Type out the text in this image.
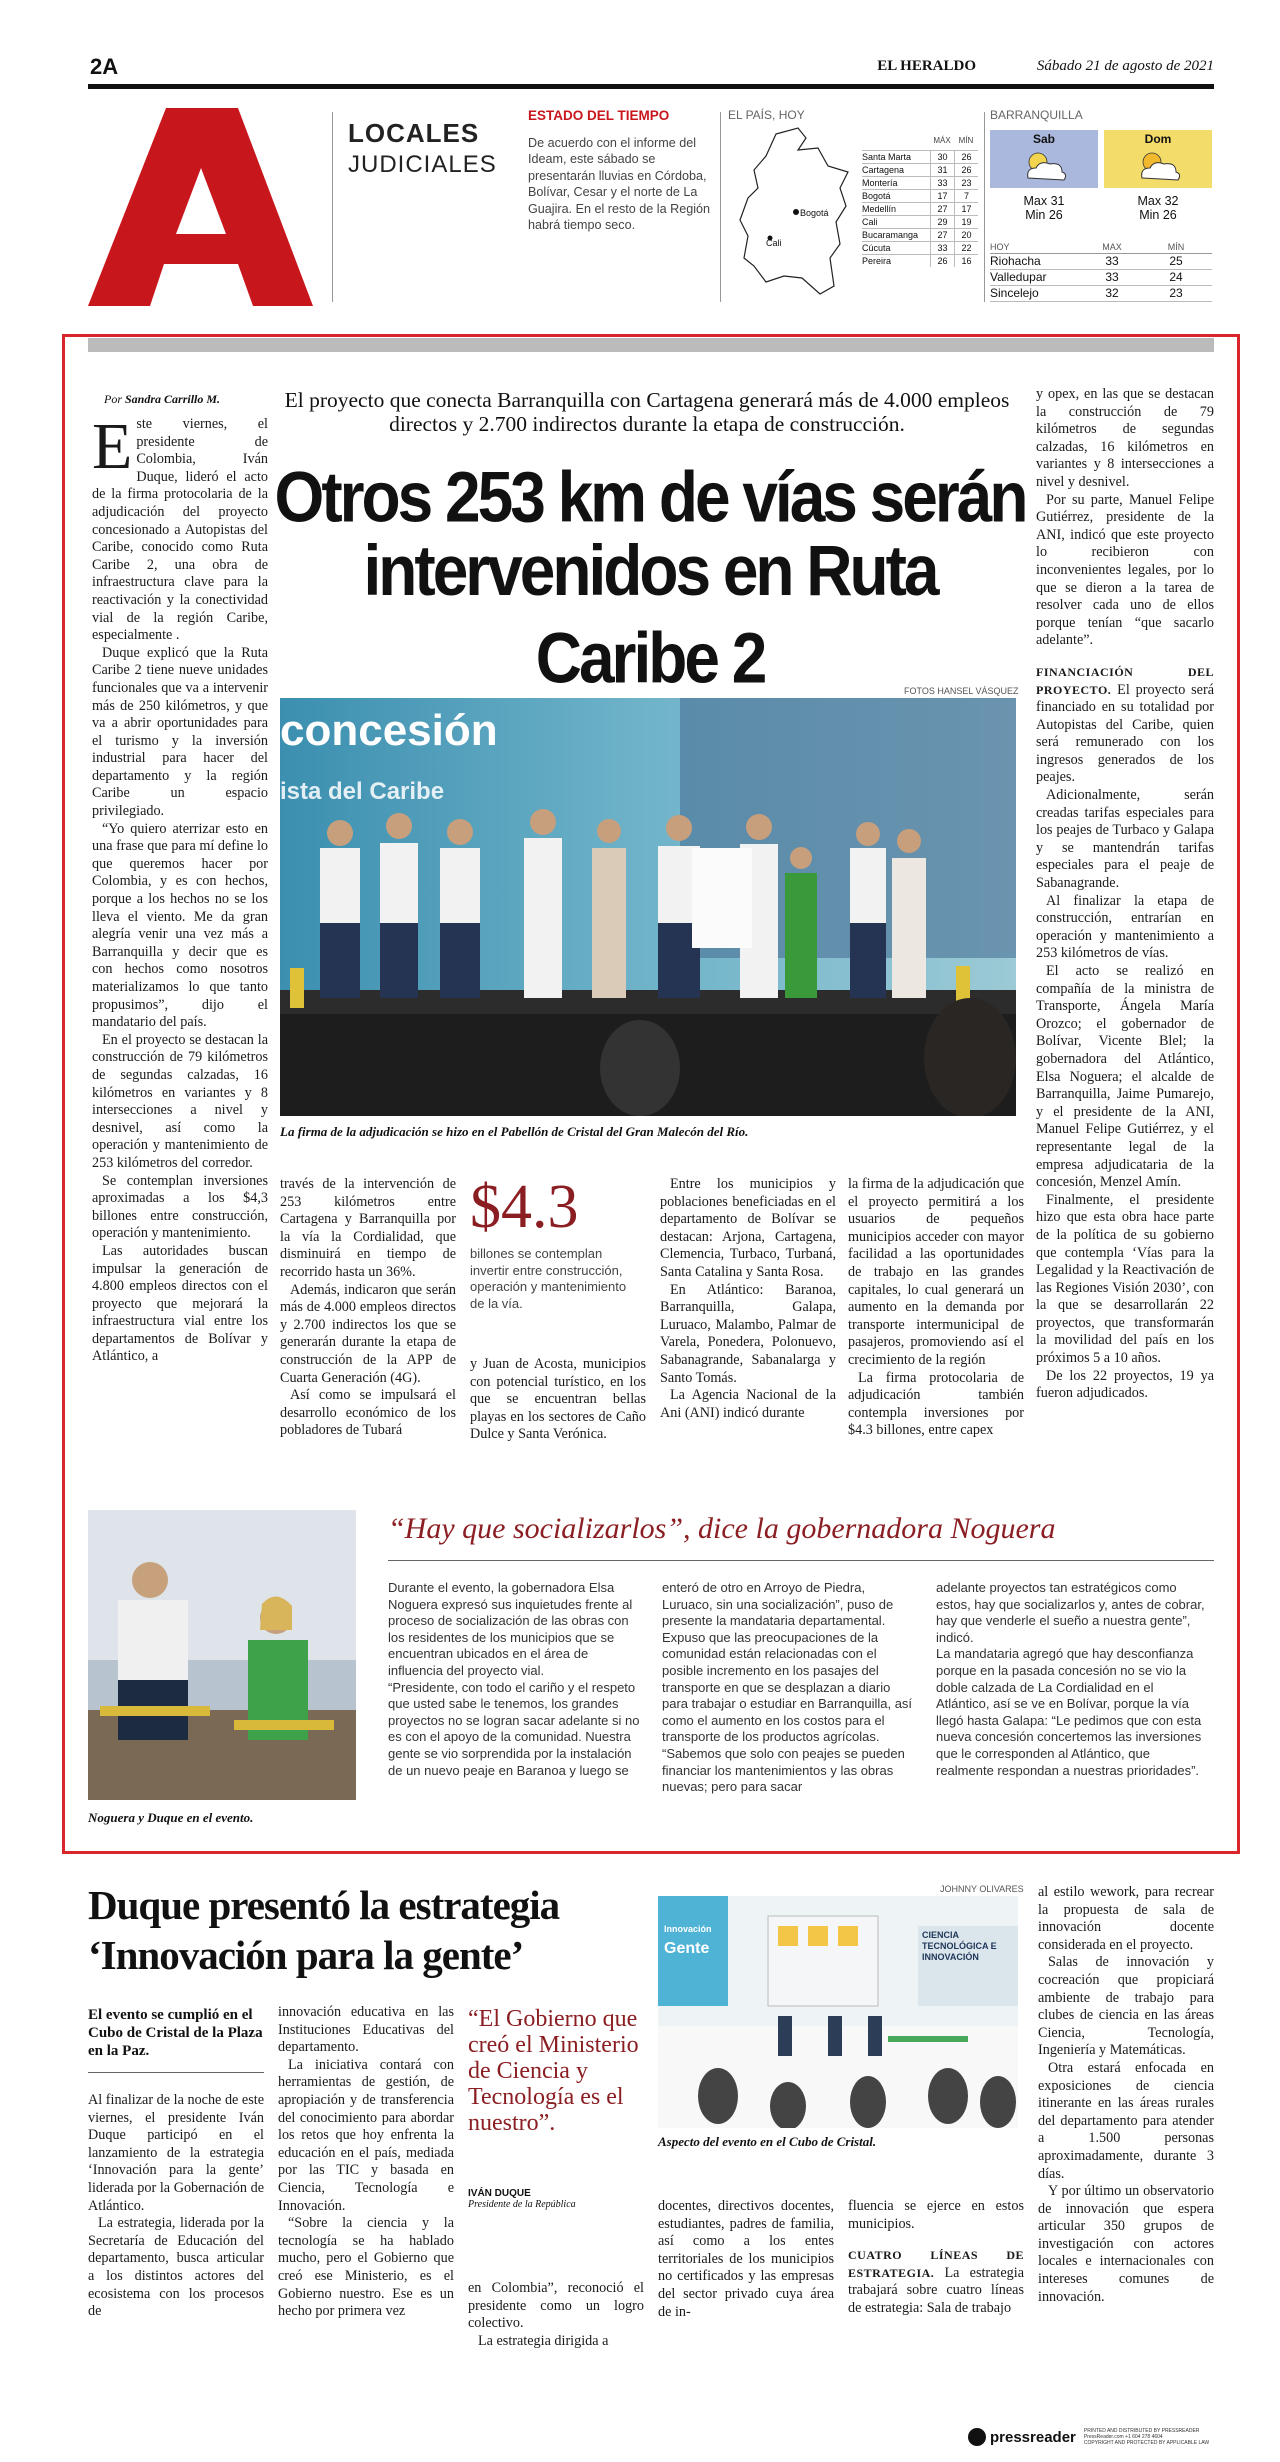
2A	EL HERALDO	Sábado 21 de agosto de 2021
LOCALES
JUDICIALES
ESTADO DEL TIEMPO
De acuerdo con el informe del Ideam, este sábado se presentarán lluvias en Córdoba, Bolívar, Cesar y el norte de La Guajira. En el resto de la Región habrá tiempo seco.
EL PAÍS, HOY
Bogotá
Cali
MÁX MÍN
Santa Marta	30	26
Cartagena	31	26
Montería	33	23
Bogotá	17	7
Medellín	27	17
Cali	29	19
Bucaramanga	27	20
Cúcuta	33	22
Pereira	26	16
BARRANQUILLA
Sab	Dom
Max 31
Min 26
Max 32
Min 26
HOY	MAX	MÍN
Riohacha	33	25
Valledupar	33	24
Sincelejo	32	23
Por Sandra Carrillo M.	El proyecto que conecta Barranquilla con Cartagena generará más de 4.000 empleos directos y 2.700 indirectos durante la etapa de construcción.
Otros 253 km de vías serán
intervenidos en Ruta Caribe 2	FOTOS HANSEL VÁSQUEZ
concesión
ista del Caribe
La firma de la adjudicación se hizo en el Pabellón de Cristal del Gran Malecón del Río.
E ste viernes, el presidente de Colombia, Iván Duque, lideró el acto de la firma protocolaria de la adjudicación del proyecto concesionado a Autopistas del Caribe, conocido como Ruta Caribe 2, una obra de infraestructura clave para la reactivación y la conectividad vial de la región Caribe, especialmente .

Duque explicó que la Ruta Caribe 2 tiene nueve unidades funcionales que va a intervenir más de 250 kilómetros, y que va a abrir oportunidades para el turismo y la inversión industrial para hacer del departamento y la región Caribe un espacio privilegiado.

“Yo quiero aterrizar esto en una frase que para mí define lo que queremos hacer por Colombia, y es con hechos, porque a los hechos no se los lleva el viento. Me da gran alegría venir una vez más a Barranquilla y decir que es con hechos como nosotros materializamos lo que tanto propusimos”, dijo el mandatario del país.

En el proyecto se destacan la construcción de 79 kilómetros de segundas calzadas, 16 kilómetros en variantes y 8 intersecciones a nivel y desnivel, así como la operación y mantenimiento de 253 kilómetros del corredor.

Se contemplan inversiones aproximadas a los $4,3 billones entre construcción, operación y mantenimiento.

Las autoridades buscan impulsar la generación de 4.800 empleos directos con el proyecto que mejorará la infraestructura vial entre los departamentos de Bolívar y Atlántico, a

través de la intervención de 253 kilómetros entre Cartagena y Barranquilla por la vía la Cordialidad, que disminuirá en tiempo de recorrido hasta un 36%.

Además, indicaron que serán más de 4.000 empleos directos y 2.700 indirectos los que se generarán durante la etapa de construcción de la APP de Cuarta Generación (4G).

Así como se impulsará el desarrollo económico de los pobladores de Tubará

$4.3
billones se contemplan invertir entre construcción, operación y mantenimiento de la vía.

y Juan de Acosta, municipios con potencial turístico, en los que se encuentran bellas playas en los sectores de Caño Dulce y Santa Verónica.

Entre los municipios y poblaciones beneficiadas en el departamento de Bolívar se destacan: Arjona, Cartagena, Clemencia, Turbaco, Turbaná, Santa Catalina y Santa Rosa.

En Atlántico: Baranoa, Barranquilla, Galapa, Luruaco, Malambo, Palmar de Varela, Ponedera, Polonuevo, Sabanagrande, Sabanalarga y Santo Tomás.

La Agencia Nacional de la Ani (ANI) indicó durante

la firma de la adjudicación que el proyecto permitirá a los usuarios de pequeños municipios acceder con mayor facilidad a las oportunidades de trabajo en las grandes capitales, lo cual generará un aumento en la demanda por transporte intermunicipal de pasajeros, promoviendo así el crecimiento de la región

La firma protocolaria de adjudicación también contempla inversiones por $4.3 billones, entre capex

y opex, en las que se destacan la construcción de 79 kilómetros de segundas calzadas, 16 kilómetros en variantes y 8 intersecciones a nivel y desnivel.

Por su parte, Manuel Felipe Gutiérrez, presidente de la ANI, indicó que este proyecto lo recibieron con inconvenientes legales, por lo que se dieron a la tarea de resolver cada uno de ellos porque tenían “que sacarlo adelante”.

FINANCIACIÓN DEL PROYECTO. El proyecto será financiado en su totalidad por Autopistas del Caribe, quien será remunerado con los ingresos generados de los peajes.

Adicionalmente, serán creadas tarifas especiales para los peajes de Turbaco y Galapa y se mantendrán tarifas especiales para el peaje de Sabanagrande.

Al finalizar la etapa de construcción, entrarían en operación y mantenimiento a 253 kilómetros de vías.

El acto se realizó en compañía de la ministra de Transporte, Ángela María Orozco; el gobernador de Bolívar, Vicente Blel; la gobernadora del Atlántico, Elsa Noguera; el alcalde de Barranquilla, Jaime Pumarejo, y el presidente de la ANI, Manuel Felipe Gutiérrez, y el representante legal de la empresa adjudicataria de la concesión, Menzel Amín.

Finalmente, el presidente hizo que esta obra hace parte de la política de su gobierno que contempla ‘Vías para la Legalidad y la Reactivación de las Regiones Visión 2030’, con la que se desarrollarán 22 proyectos, que transformarán la movilidad del país en los próximos 5 a 10 años.

De los 22 proyectos, 19 ya fueron adjudicados.

Noguera y Duque en el evento.
“Hay que socializarlos”, dice la gobernadora Noguera
Durante el evento, la gobernadora Elsa Noguera expresó sus inquietudes frente al proceso de socialización de las obras con los residentes de los municipios que se encuentran ubicados en el área de influencia del proyecto vial.
“Presidente, con todo el cariño y el respeto que usted sabe le tenemos, los grandes proyectos no se logran sacar adelante si no es con el apoyo de la comunidad. Nuestra gente se vio sorprendida por la instalación de un nuevo peaje en Baranoa y luego se
enteró de otro en Arroyo de Piedra, Luruaco, sin una socialización”, puso de presente la mandataria departamental. Expuso que las preocupaciones de la comunidad están relacionadas con el posible incremento en los pasajes del transporte en que se desplazan a diario para trabajar o estudiar en Barranquilla, así como el aumento en los costos para el transporte de los productos agrícolas.
“Sabemos que solo con peajes se pueden financiar los mantenimientos y las obras nuevas; pero para sacar
adelante proyectos tan estratégicos como estos, hay que socializarlos y, antes de cobrar, hay que venderle el sueño a nuestra gente”, indicó.
La mandataria agregó que hay desconfianza porque en la pasada concesión no se vio la doble calzada de La Cordialidad en el Atlántico, así se ve en Bolívar, porque la vía llegó hasta Galapa: “Le pedimos que con esta nueva concesión concertemos las inversiones que le corresponden al Atlántico, que realmente respondan a nuestras prioridades”.
Duque presentó la estrategia
‘Innovación para la gente’
El evento se cumplió en el Cubo de Cristal de la Plaza en la Paz.

Al finalizar de la noche de este viernes, el presidente Iván Duque participó en el lanzamiento de la estrategia ‘Innovación para la gente’ liderada por la Gobernación de Atlántico.

La estrategia, liderada por la Secretaría de Educación del departamento, busca articular a los distintos actores del ecosistema con los procesos de

innovación educativa en las Instituciones Educativas del departamento.

La iniciativa contará con herramientas de gestión, de apropiación y de transferencia del conocimiento para abordar los retos que hoy enfrenta la educación en el país, mediada por las TIC y basada en Ciencia, Tecnología e Innovación.

“Sobre la ciencia y la tecnología se ha hablado mucho, pero el Gobierno que creó ese Ministerio, es el Gobierno nuestro. Ese es un hecho por primera vez

“El Gobierno que creó el Ministerio de Ciencia y Tecnología es el nuestro”.
IVÁN DUQUE
Presidente de la República

en Colombia”, reconoció el presidente como un logro colectivo.

La estrategia dirigida a

JOHNNY OLIVARES
Innovación
Gente
CIENCIA TECNOLÓGICA E INNOVACIÓN
Aspecto del evento en el Cubo de Cristal.

docentes, directivos docentes, estudiantes, padres de familia, así como a los entes territoriales de los municipios no certificados y las empresas del sector privado cuya área de in-

fluencia se ejerce en estos municipios.

CUATRO LÍNEAS DE ESTRATEGIA. La estrategia trabajará sobre cuatro líneas de estrategia: Sala de trabajo

al estilo wework, para recrear la propuesta de sala de innovación docente considerada en el proyecto.

Salas de innovación y cocreación que propiciará ambiente de trabajo para clubes de ciencia en las áreas Ciencia, Tecnología, Ingeniería y Matemáticas.

Otra estará enfocada en exposiciones de ciencia itinerante en las áreas rurales del departamento para atender a 1.500 personas aproximadamente, durante 3 días.

Y por último un observatorio de innovación que espera articular 350 grupos de investigación con actores locales e internacionales con intereses comunes de innovación.

pressreader PRINTED AND DISTRIBUTED BY PRESSREADER
PressReader.com +1 604 278 4604
COPYRIGHT AND PROTECTED BY APPLICABLE LAW
